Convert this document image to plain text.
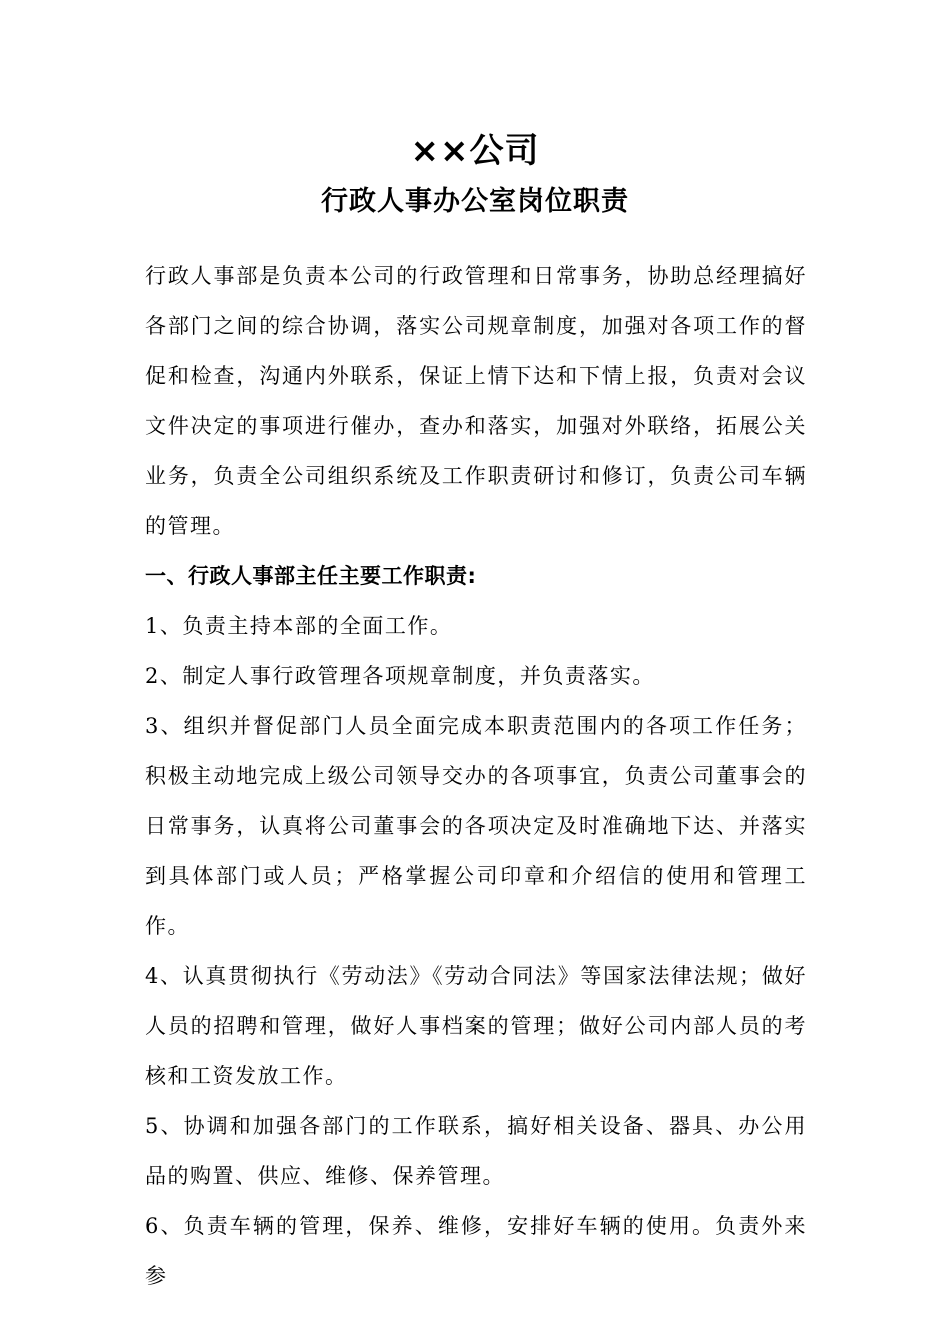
××公司
行政人事办公室岗位职责

行政人事部是负责本公司的行政管理和日常事务，协助总经理搞好各部门之间的综合协调，落实公司规章制度，加强对各项工作的督促和检查，沟通内外联系，保证上情下达和下情上报，负责对会议文件决定的事项进行催办，查办和落实，加强对外联络，拓展公关业务，负责全公司组织系统及工作职责研讨和修订，负责公司车辆的管理。

一、行政人事部主任主要工作职责:

1、负责主持本部的全面工作。

2、制定人事行政管理各项规章制度，并负责落实。

3、组织并督促部门人员全面完成本职责范围内的各项工作任务；积极主动地完成上级公司领导交办的各项事宜，负责公司董事会的日常事务，认真将公司董事会的各项决定及时准确地下达、并落实到具体部门或人员；严格掌握公司印章和介绍信的使用和管理工作。

4、认真贯彻执行《劳动法》《劳动合同法》等国家法律法规；做好人员的招聘和管理，做好人事档案的管理；做好公司内部人员的考核和工资发放工作。

5、协调和加强各部门的工作联系，搞好相关设备、器具、办公用品的购置、供应、维修、保养管理。

6、负责车辆的管理，保养、维修，安排好车辆的使用。负责外来参
